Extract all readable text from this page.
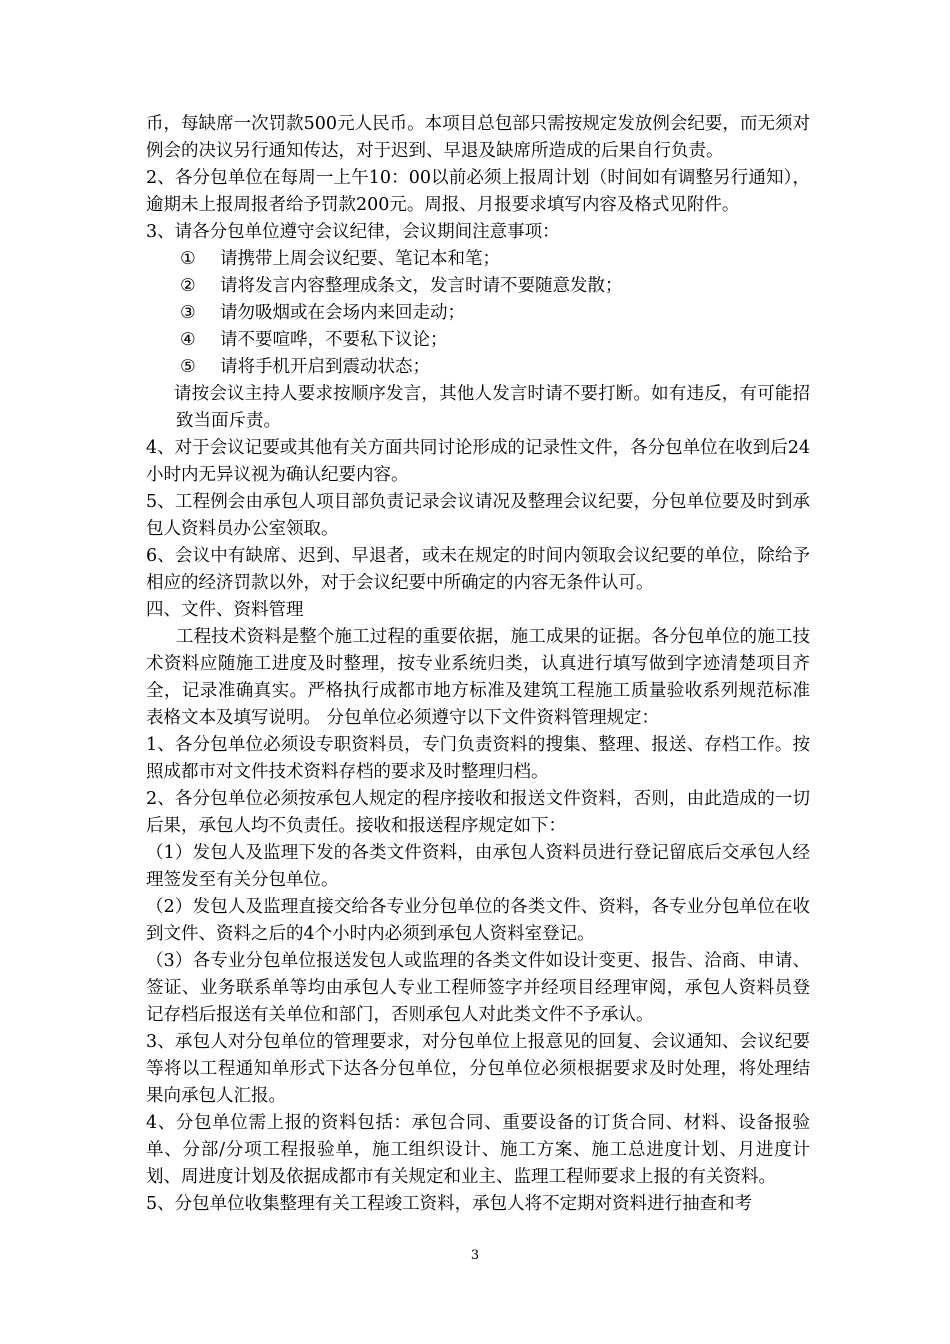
币，每缺席一次罚款500元人民币。本项目总包部只需按规定发放例会纪要，而无须对例会的决议另行通知传达，对于迟到、早退及缺席所造成的后果自行负责。

2、各分包单位在每周一上午10：00以前必须上报周计划（时间如有调整另行通知），逾期未上报周报者给予罚款200元。周报、月报要求填写内容及格式见附件。

3、请各分包单位遵守会议纪律，会议期间注意事项：

① 请携带上周会议纪要、笔记本和笔；

② 请将发言内容整理成条文，发言时请不要随意发散；

③ 请勿吸烟或在会场内来回走动；

④ 请不要喧哗，不要私下议论；

⑤ 请将手机开启到震动状态；

请按会议主持人要求按顺序发言，其他人发言时请不要打断。如有违反，有可能招致当面斥责。

4、对于会议记要或其他有关方面共同讨论形成的记录性文件，各分包单位在收到后24小时内无异议视为确认纪要内容。

5、工程例会由承包人项目部负责记录会议请况及整理会议纪要，分包单位要及时到承包人资料员办公室领取。

6、会议中有缺席、迟到、早退者，或未在规定的时间内领取会议纪要的单位，除给予相应的经济罚款以外，对于会议纪要中所确定的内容无条件认可。

四、文件、资料管理

工程技术资料是整个施工过程的重要依据，施工成果的证据。各分包单位的施工技术资料应随施工进度及时整理，按专业系统归类，认真进行填写做到字迹清楚项目齐全，记录准确真实。严格执行成都市地方标准及建筑工程施工质量验收系列规范标准表格文本及填写说明。 分包单位必须遵守以下文件资料管理规定：

1、各分包单位必须设专职资料员，专门负责资料的搜集、整理、报送、存档工作。按照成都市对文件技术资料存档的要求及时整理归档。

2、各分包单位必须按承包人规定的程序接收和报送文件资料，否则，由此造成的一切后果，承包人均不负责任。接收和报送程序规定如下：

（1）发包人及监理下发的各类文件资料，由承包人资料员进行登记留底后交承包人经理签发至有关分包单位。

（2）发包人及监理直接交给各专业分包单位的各类文件、资料，各专业分包单位在收到文件、资料之后的4个小时内必须到承包人资料室登记。

（3）各专业分包单位报送发包人或监理的各类文件如设计变更、报告、洽商、申请、签证、业务联系单等均由承包人专业工程师签字并经项目经理审阅，承包人资料员登记存档后报送有关单位和部门，否则承包人对此类文件不予承认。

3、承包人对分包单位的管理要求，对分包单位上报意见的回复、会议通知、会议纪要等将以工程通知单形式下达各分包单位，分包单位必须根据要求及时处理，将处理结果向承包人汇报。

4、分包单位需上报的资料包括：承包合同、重要设备的订货合同、材料、设备报验单、分部/分项工程报验单，施工组织设计、施工方案、施工总进度计划、月进度计划、周进度计划及依据成都市有关规定和业主、监理工程师要求上报的有关资料。

5、分包单位收集整理有关工程竣工资料，承包人将不定期对资料进行抽查和考

3
